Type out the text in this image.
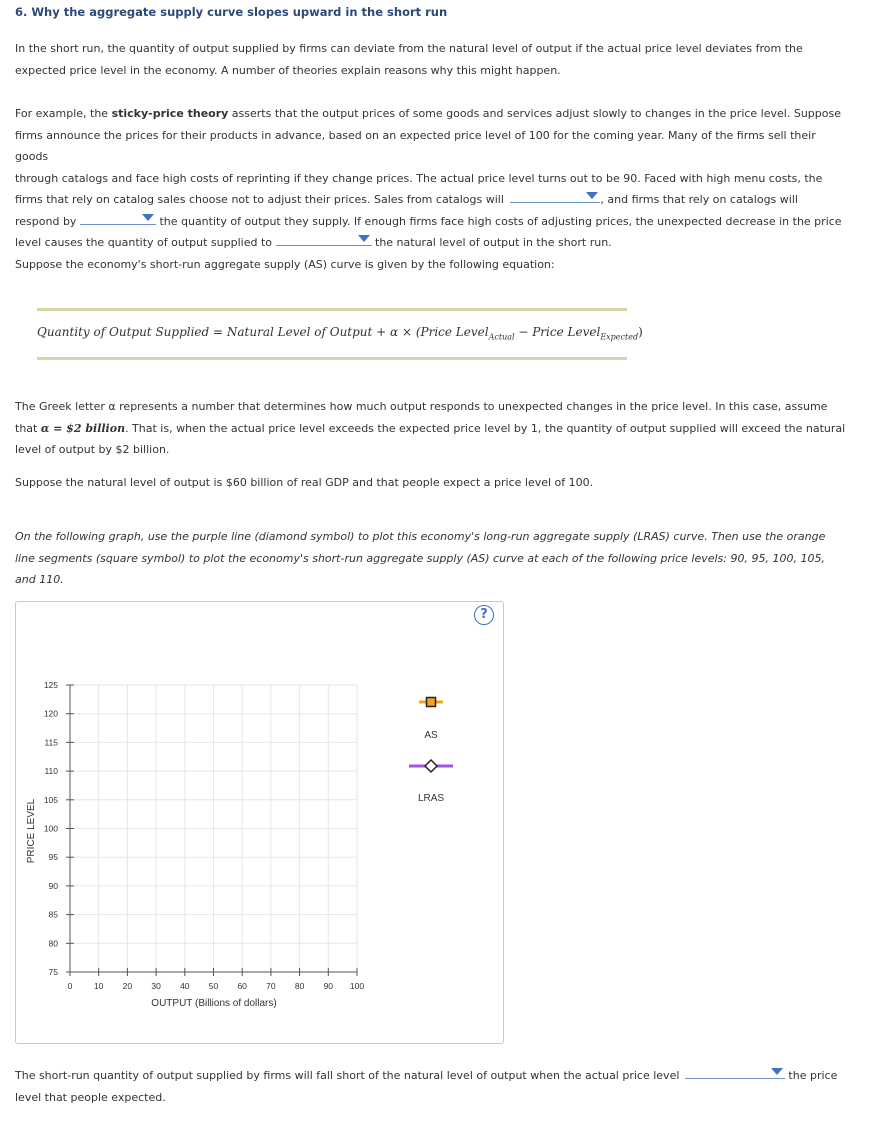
6. Why the aggregate supply curve slopes upward in the short run
In the short run, the quantity of output supplied by firms can deviate from the natural level of output if the actual price level deviates from the
expected price level in the economy. A number of theories explain reasons why this might happen.
For example, the sticky-price theory asserts that the output prices of some goods and services adjust slowly to changes in the price level. Suppose
firms announce the prices for their products in advance, based on an expected price level of 100 for the coming year. Many of the firms sell their goods
through catalogs and face high costs of reprinting if they change prices. The actual price level turns out to be 90. Faced with high menu costs, the
firms that rely on catalog sales choose not to adjust their prices. Sales from catalogs will	, and firms that rely on catalogs will
respond by	the quantity of output they supply. If enough firms face high costs of adjusting prices, the unexpected decrease in the price
level causes the quantity of output supplied to	the natural level of output in the short run.
Suppose the economy's short-run aggregate supply (AS) curve is given by the following equation:
Quantity of Output Supplied = Natural Level of Output + α × (Price Level$_{Actual}$ − Price Level$_{Expected}$)
The Greek letter α represents a number that determines how much output responds to unexpected changes in the price level. In this case, assume
that α = $2 billion. That is, when the actual price level exceeds the expected price level by 1, the quantity of output supplied will exceed the natural
level of output by $2 billion.
Suppose the natural level of output is $60 billion of real GDP and that people expect a price level of 100.
On the following graph, use the purple line (diamond symbol) to plot this economy's long-run aggregate supply (LRAS) curve. Then use the orange
line segments (square symbol) to plot the economy's short-run aggregate supply (AS) curve at each of the following price levels: 90, 95, 100, 105,
and 110.
?
0	10 20 30 40 50 60 70 80 90 100
75
80
85
90
95
100
105
110
115
120
125
PRICE LEVEL
OUTPUT (Billions of dollars)
AS
LRAS
The short-run quantity of output supplied by firms will fall short of the natural level of output when the actual price level	the price
level that people expected.
